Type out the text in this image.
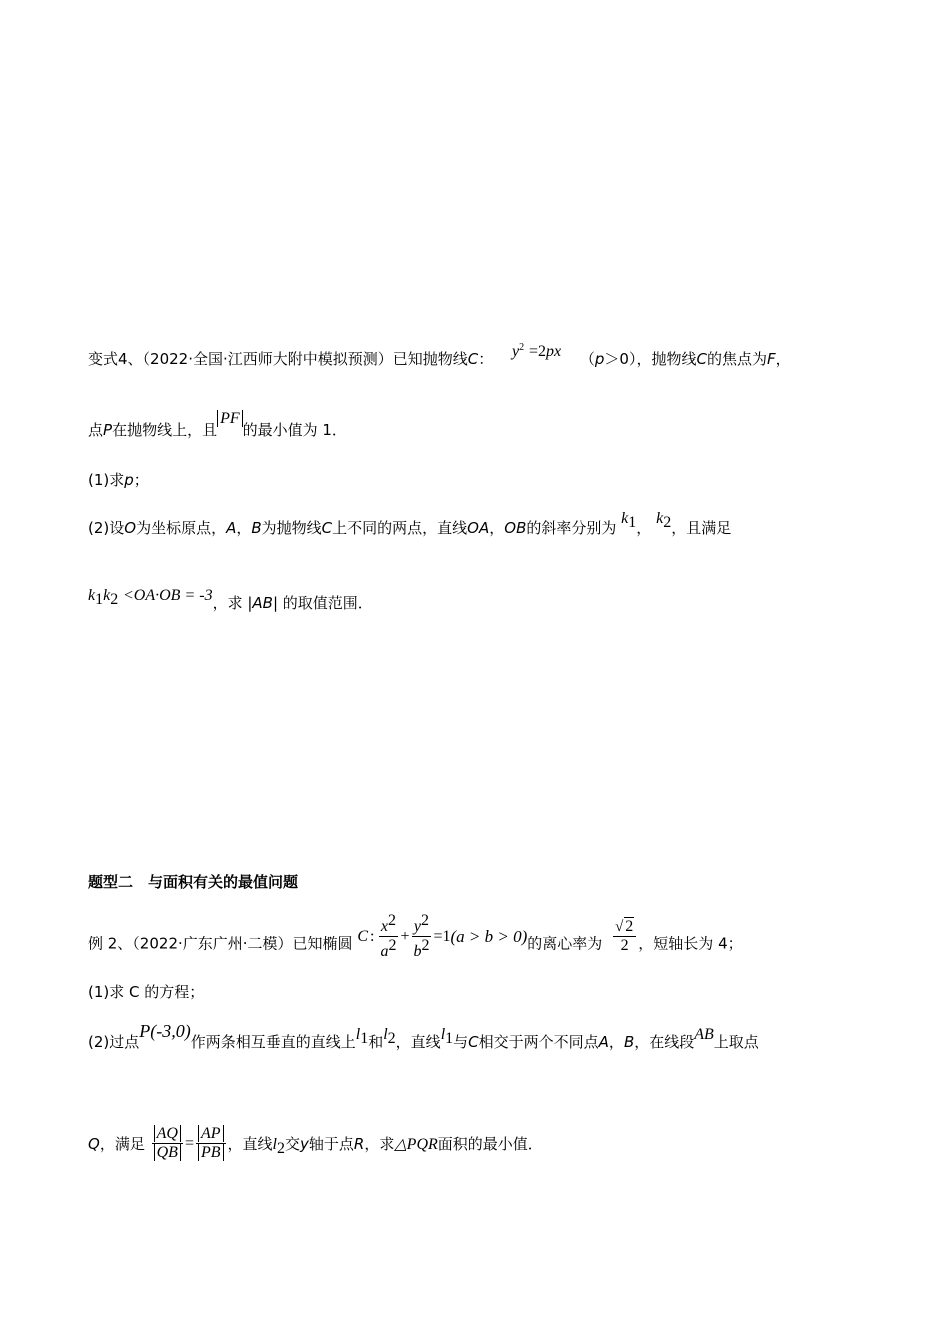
变式4、（2022·全国·江西师大附中模拟预测）已知抛物线C： $y^2 =2px$ （p＞0），抛物线C的焦点为F，
点P在抛物线上，且PF的最小值为 1．
(1)求p；
(2)设O为坐标原点，A，B为抛物线C上不同的两点，直线OA，OB的斜率分别为 $k_1$， $k_2$，且满足
$k_1k_2 <OA\cdot OB = -3$，求 |AB| 的取值范围．
题型二　与面积有关的最值问题
例 2、（2022·广东广州·二模）已知椭圆 C : $\frac{x^2}{a^2} + \frac{y^2}{b^2} =1$ (a > b > 0) 的离心率为 $\frac{√ 2}{2}$ ，短轴长为 4；
(1)求 C 的方程；
(2)过点P(-3,0)作两条相互垂直的直线上$l_1$和$l_2$，直线$l_1$与C相交于两个不同点A，B，在线段AB上取点
Q，满足 $\frac{AQ}{QB} = \frac{AP}{PB}$ ，直线$l_2$交y轴于点R，求△PQR面积的最小值．
